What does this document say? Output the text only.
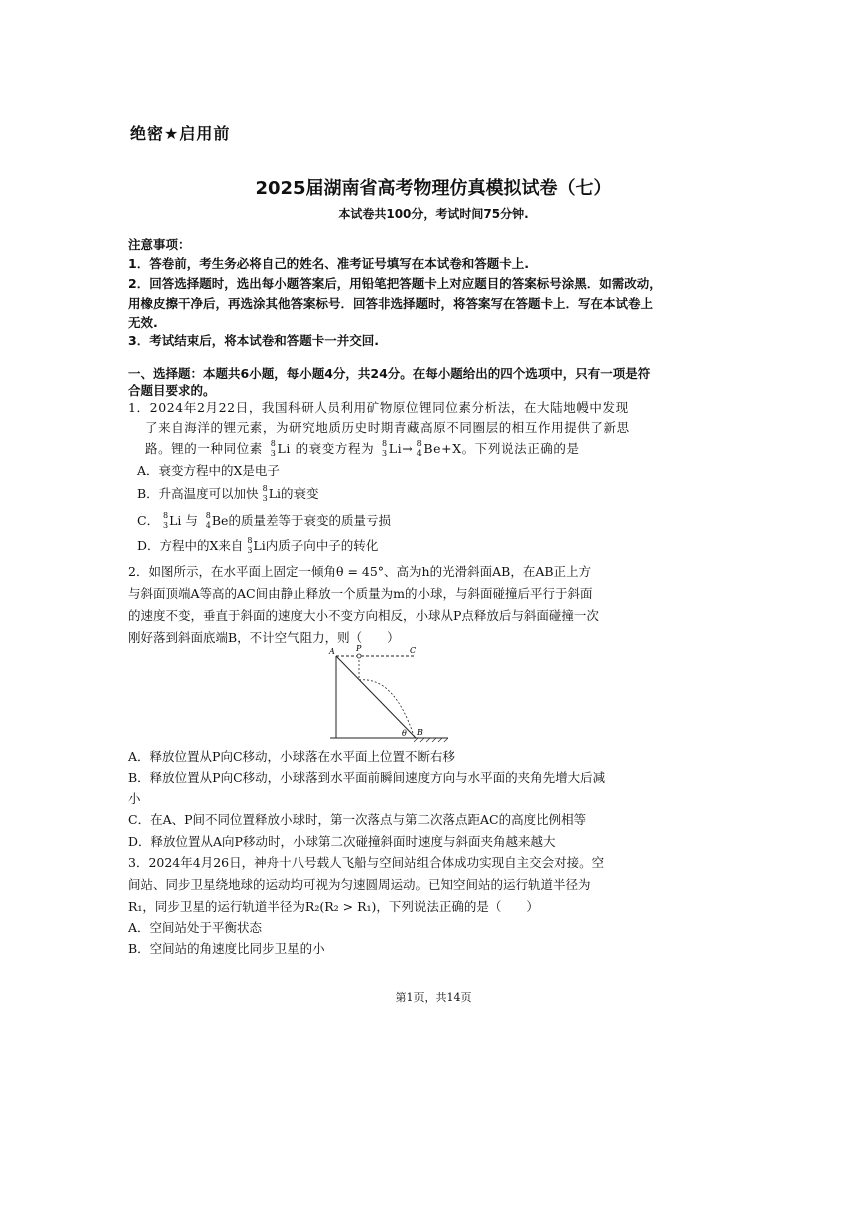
绝密★启用前
2025届湖南省高考物理仿真模拟试卷（七）
本试卷共100分，考试时间75分钟.
注意事项：
1．答卷前，考生务必将自己的姓名、准考证号填写在本试卷和答题卡上.
2．回答选择题时，选出每小题答案后，用铅笔把答题卡上对应题目的答案标号涂黑．如需改动，
用橡皮擦干净后，再选涂其他答案标号．回答非选择题时，将答案写在答题卡上．写在本试卷上
无效.
3．考试结束后，将本试卷和答题卡一并交回.
一、选择题：本题共6小题，每小题4分，共24分。在每小题给出的四个选项中，只有一项是符
合题目要求的。
1．2024年2月22日，我国科研人员利用矿物原位锂同位素分析法，在大陆地幔中发现
了来自海洋的锂元素，为研究地质历史时期青藏高原不同圈层的相互作用提供了新思
路。锂的一种同位素 8
3 Li 的衰变方程为 8
3 Li→ 8
4 Be+X。下列说法正确的是
A．衰变方程中的X是电子
B．升高温度可以加快 8
3 Li的衰变
C． 8
3 Li 与 8
4 Be的质量差等于衰变的质量亏损
D．方程中的X来自 8
3 Li内质子向中子的转化
2．如图所示，在水平面上固定一倾角θ = 45°、高为h的光滑斜面AB，在AB正上方
与斜面顶端A等高的AC间由静止释放一个质量为m的小球，与斜面碰撞后平行于斜面
的速度不变，垂直于斜面的速度大小不变方向相反，小球从P点释放后与斜面碰撞一次
刚好落到斜面底端B，不计空气阻力，则（　　）
A	P	C
B
θ
A．释放位置从P向C移动，小球落在水平面上位置不断右移
B．释放位置从P向C移动，小球落到水平面前瞬间速度方向与水平面的夹角先增大后减
小
C．在A、P间不同位置释放小球时，第一次落点与第二次落点距AC的高度比例相等
D．释放位置从A向P移动时，小球第二次碰撞斜面时速度与斜面夹角越来越大
3．2024年4月26日，神舟十八号载人飞船与空间站组合体成功实现自主交会对接。空
间站、同步卫星绕地球的运动均可视为匀速圆周运动。已知空间站的运行轨道半径为
R₁，同步卫星的运行轨道半径为R₂(R₂ > R₁)，下列说法正确的是（　　）
A．空间站处于平衡状态
B．空间站的角速度比同步卫星的小
第1页，共14页
